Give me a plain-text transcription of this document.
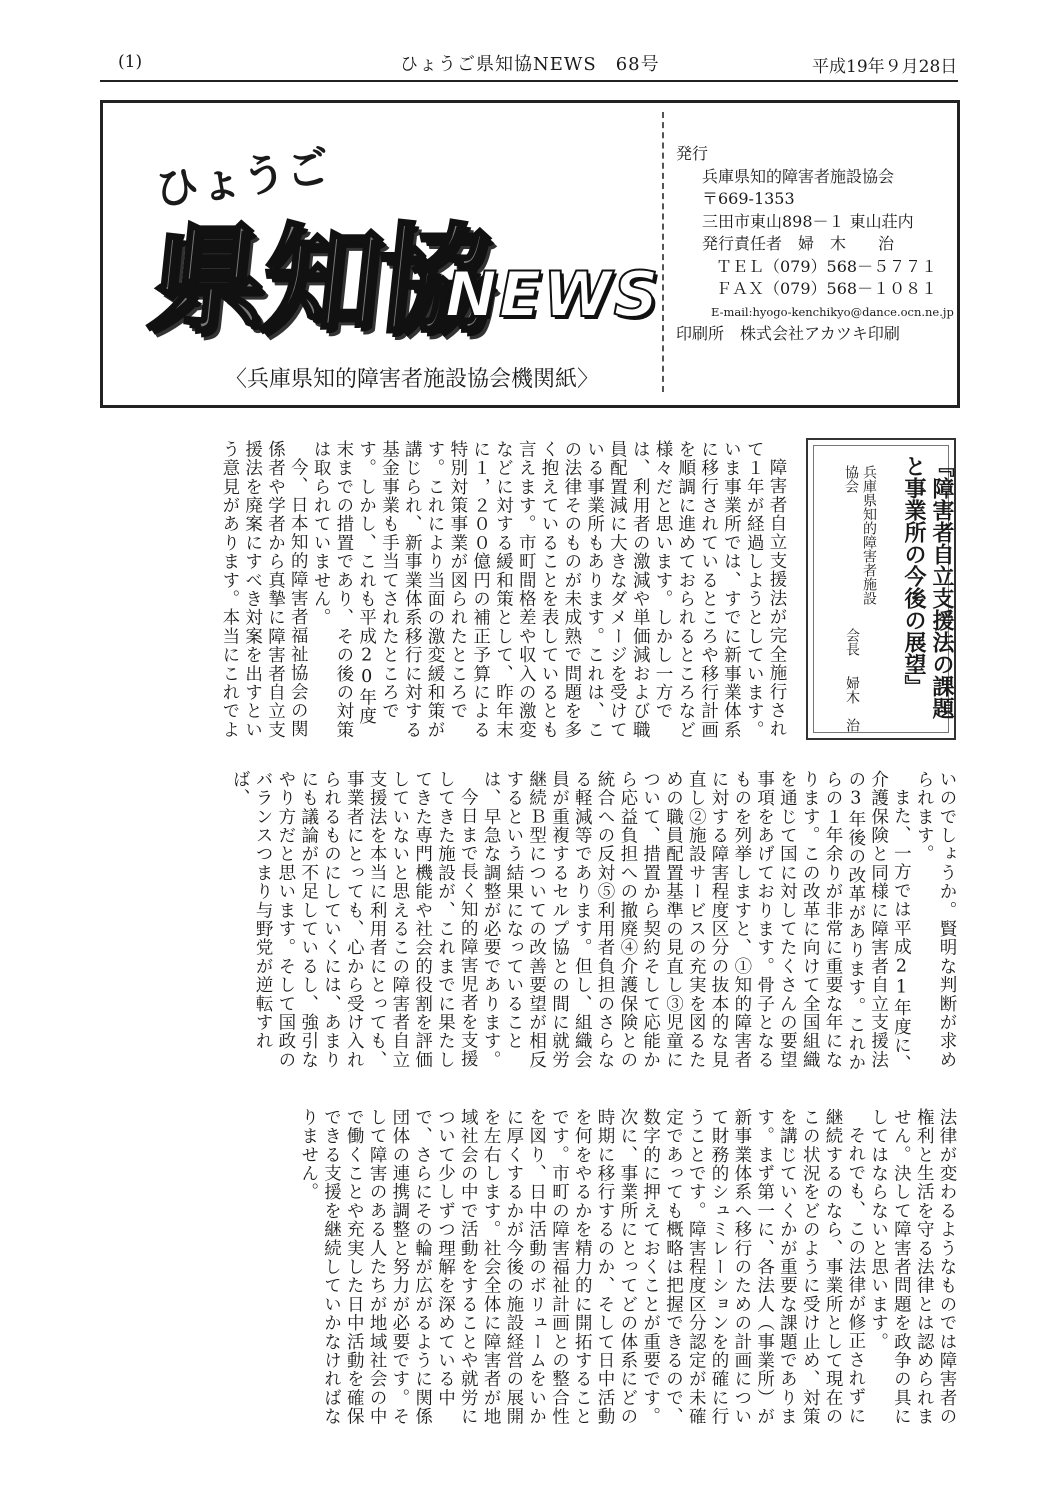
(1)	ひょうご県知協NEWS　68号	平成19年９月28日
ひょうご
県知協
NEWS
〈兵庫県知的障害者施設協会機関紙〉
発行
兵庫県知的障害者施設協会
〒669-1353
三田市東山898－１ 東山荘内
発行責任者　婦　木　　治
ＴＥＬ（079）568－５７７１
ＦＡＸ（079）568－１０８１
E-mail:hyogo-kenchikyo@dance.ocn.ne.jp
印刷所　株式会社アカツキ印刷
『障害者自立支援法の課題と事業所の今後の展望』
兵庫県知的障害者施設協会
会長
婦木　治

障害者自立支援法が完全施行されて１年が経過しようとしています。いま事業所では、すでに新事業体系に移行されているところや移行計画を順調に進めておられるところなど様々だと思います。しかし一方では、利用者の激減や単価減および職員配置減に大きなダメージを受けている事業所もあります。これは、この法律そのものが未成熟で問題を多く抱えていることを表しているとも言えます。市町間格差や収入の激変などに対する緩和策として、昨年末に１，２００億円の補正予算による特別対策事業が図られたところです。これにより当面の激変緩和策が講じられ、新事業体系移行に対する基金事業も手当てされたところです。しかし、これも平成20年度末までの措置であり、その後の対策は取られていません。

今、日本知的障害者福祉協会の関係者や学者から真摯に障害者自立支援法を廃案にすべき対案を出すという意見があります。本当にこれでよ

いのでしょうか。賢明な判断が求められます。

また、一方では平成21年度に、介護保険と同様に障害者自立支援法の3年後の改革があります。これからの１年余りが非常に重要な年になります。この改革に向けて全国組織を通じて国に対してたくさんの要望事項をあげております。骨子となるものを列挙しますと、①知的障害者に対する障害程度区分の抜本的な見直し②施設サービスの充実を図るための職員配置基準の見直し③児童について、措置から契約そして応能から応益負担への撤廃④介護保険との統合への反対⑤利用者負担のさらなる軽減等であります。但し、組織会員が重複するセルプ協との間に就労継続Ｂ型についての改善要望が相反するという結果になっていることは、早急な調整が必要であります。

今日まで長く知的障害児者を支援してきた施設が、これまでに果たしてきた専門機能や社会的役割を評価していないと思えるこの障害者自立支援法を本当に利用者にとっても、事業者にとっても、心から受け入れられるものにしていくには、あまりにも議論が不足しているし、強引なやり方だと思います。そして国政のバランスつまり与野党が逆転すれば、

法律が変わるようなものでは障害者の権利と生活を守る法律とは認められません。決して障害者問題を政争の具にしてはならないと思います。

それでも、この法律が修正されずに継続するのなら、事業所として現在のこの状況をどのように受け止め、対策を講じていくかが重要な課題であります。まず第一に、各法人（事業所）が新事業体系へ移行のための計画について財務的シュミレーションを的確に行うことです。障害程度区分認定が未確定であっても概略は把握できるので、数字的に押えておくことが重要です。次に、事業所にとってどの体系にどの時期に移行するのか、そして日中活動を何をやるかを精力的に開拓することです。市町の障害福祉計画との整合性を図り、日中活動のボリュームをいかに厚くするかが今後の施設経営の展開を左右します。社会全体に障害者が地域社会の中で活動をすることや就労について少しずつ理解を深めている中で、さらにその輪が広がるように関係団体の連携調整と努力が必要です。そして障害のある人たちが地域社会の中で働くことや充実した日中活動を確保できる支援を継続していかなければなりません。
